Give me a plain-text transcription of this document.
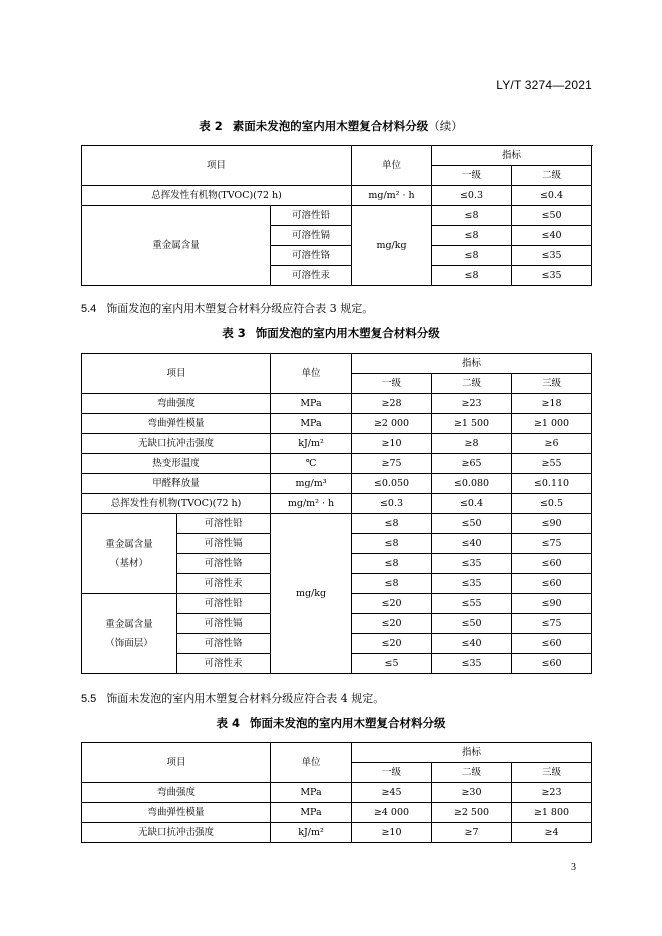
LY/T 3274—2021
表 2 素面未发泡的室内用木塑复合材料分级（续）
项目		单位	指标		
			一级	二级	
总挥发性有机物(TVOC)(72 h)		mg/m² · h	≤0.3	≤0.4	
重金属含量	可溶性铅	mg/kg	≤8	≤50	
	可溶性镉		≤8	≤40	
	可溶性铬		≤8	≤35	
	可溶性汞		≤8	≤35	
5.4 饰面发泡的室内用木塑复合材料分级应符合表 3 规定。
表 3 饰面发泡的室内用木塑复合材料分级
项目		单位	指标		
			一级	二级	三级
弯曲强度		MPa	≥28	≥23	≥18
弯曲弹性模量		MPa	≥2 000	≥1 500	≥1 000
无缺口抗冲击强度		kJ/m²	≥10	≥8	≥6
热变形温度		℃	≥75	≥65	≥55
甲醛释放量		mg/m³	≤0.050	≤0.080	≤0.110
总挥发性有机物(TVOC)(72 h)		mg/m² · h	≤0.3	≤0.4	≤0.5
重金属含量
（基材）	可溶性铅	mg/kg	≤8	≤50	≤90
	可溶性镉		≤8	≤40	≤75
	可溶性铬		≤8	≤35	≤60
	可溶性汞		≤8	≤35	≤60
重金属含量
（饰面层）	可溶性铅		≤20	≤55	≤90
	可溶性镉		≤20	≤50	≤75
	可溶性铬		≤20	≤40	≤60
	可溶性汞		≤5	≤35	≤60
5.5 饰面未发泡的室内用木塑复合材料分级应符合表 4 规定。
表 4 饰面未发泡的室内用木塑复合材料分级
项目	单位	指标		
		一级	二级	三级
弯曲强度	MPa	≥45	≥30	≥23
弯曲弹性模量	MPa	≥4 000	≥2 500	≥1 800
无缺口抗冲击强度	kJ/m²	≥10	≥7	≥4
3
